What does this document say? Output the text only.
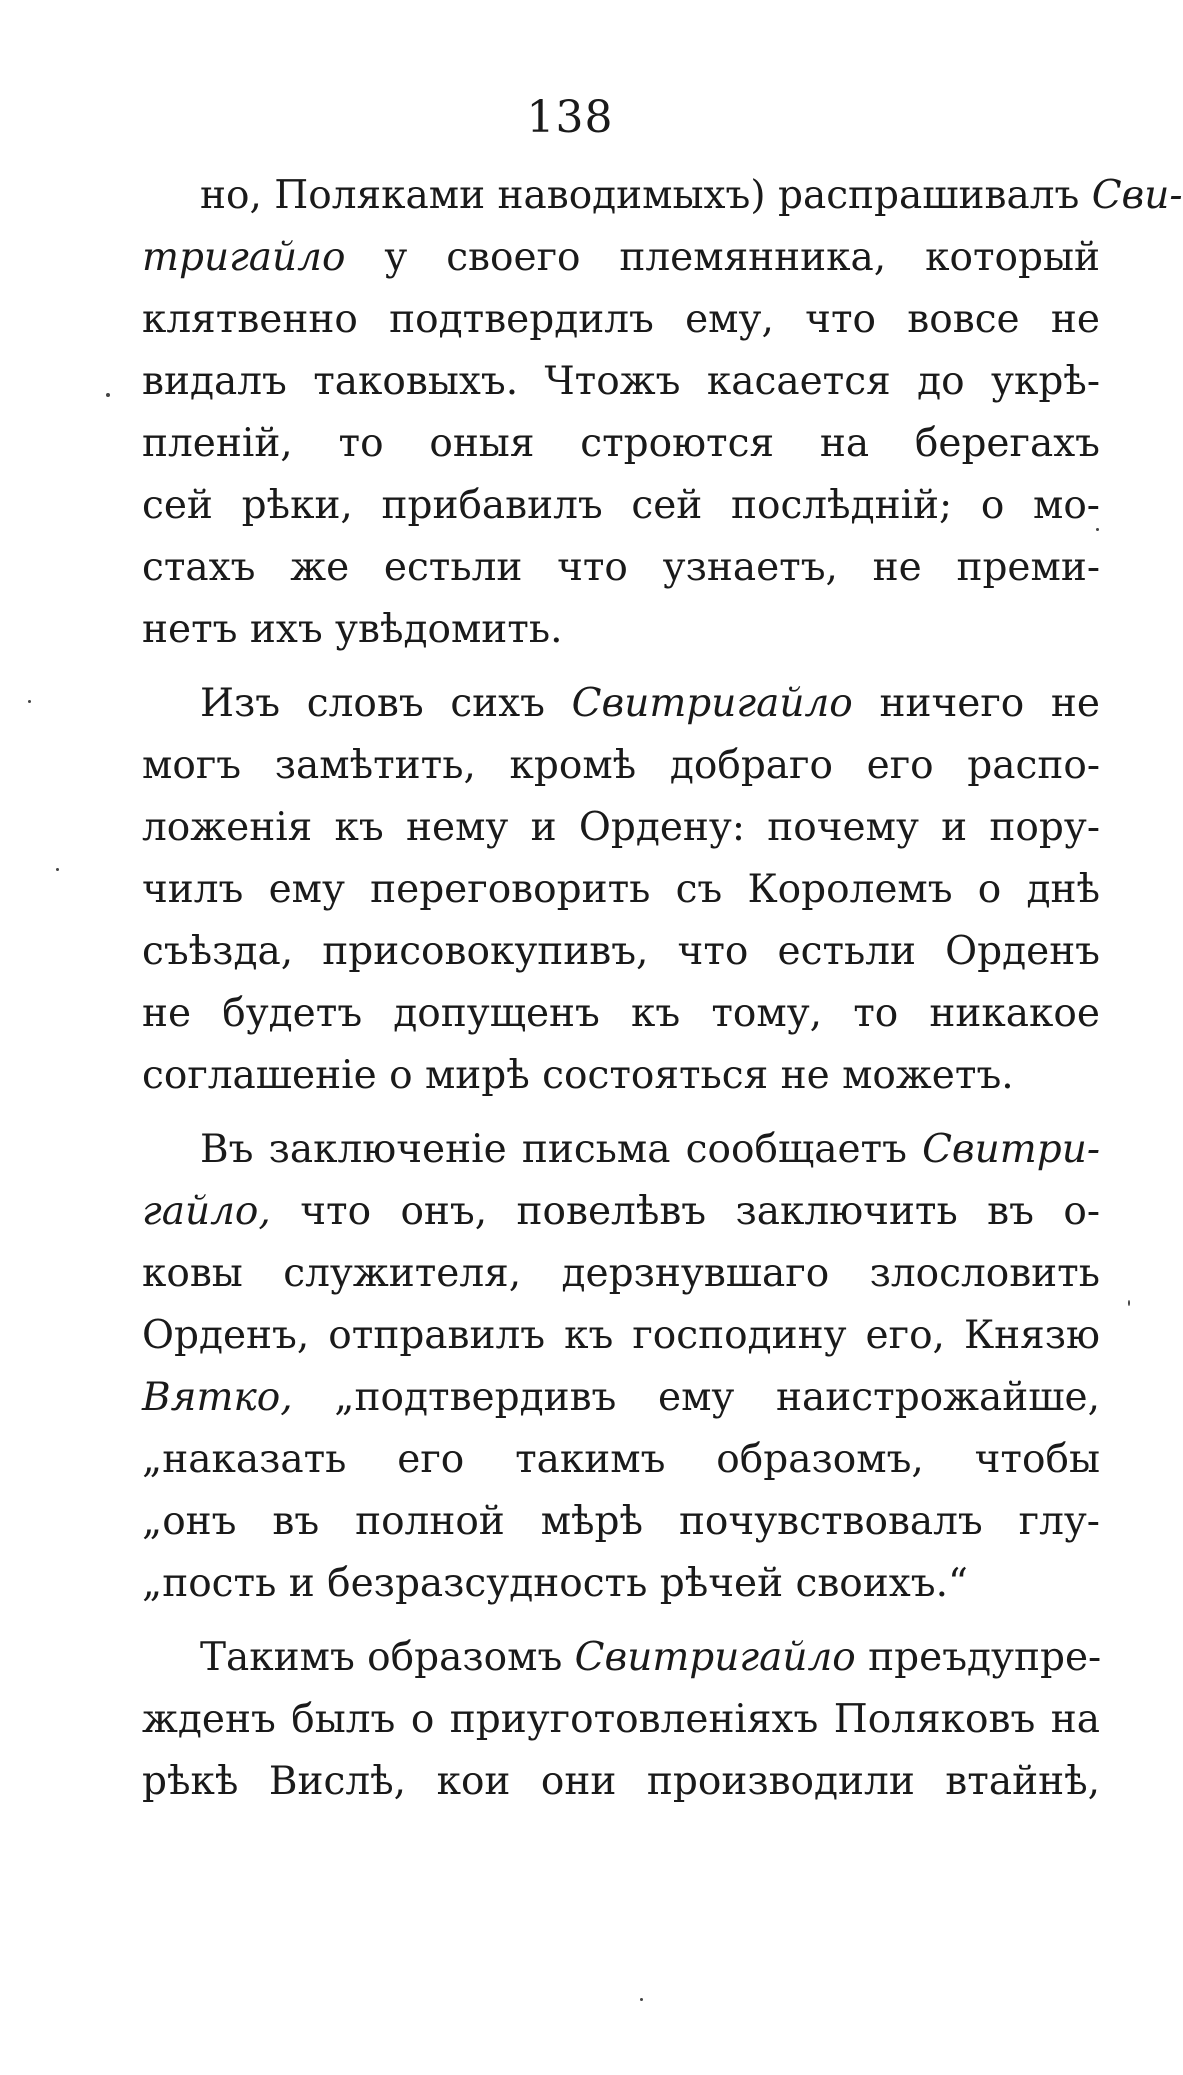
138
но, Поляками наводимыхъ) распрашивалъ Сви-
тригайло у своего племянника, который
клятвенно подтвердилъ ему, что вовсе не
видалъ таковыхъ. Чтожъ касается до укрѣ-
пленій, то оныя строются на берегахъ
сей рѣки, прибавилъ сей послѣдній; о мо-
стахъ же естьли что узнаетъ, не преми-
нетъ ихъ увѣдомить.
Изъ словъ сихъ Свитригайло ничего не
могъ замѣтить, кромѣ добраго его распо-
ложенія къ нему и Ордену: почему и пору-
чилъ ему переговорить съ Королемъ о днѣ
съѣзда, присовокупивъ, что естьли Орденъ
не будетъ допущенъ къ тому, то никакое
соглашеніе о мирѣ состояться не можетъ.
Въ заключеніе письма сообщаетъ Свитри-
гайло, что онъ, повелѣвъ заключить въ о-
ковы служителя, дерзнувшаго злословить
Орденъ, отправилъ къ господину его, Князю
Вятко, „подтвердивъ ему наистрожайше,
„наказать его такимъ образомъ, чтобы
„онъ въ полной мѣрѣ почувствовалъ глу-
„пость и безразсудность рѣчей своихъ.“
Такимъ образомъ Свитригайло преъдупре-
жденъ былъ о приуготовленіяхъ Поляковъ на
рѣкѣ Вислѣ, кои они производили втайнѣ,
